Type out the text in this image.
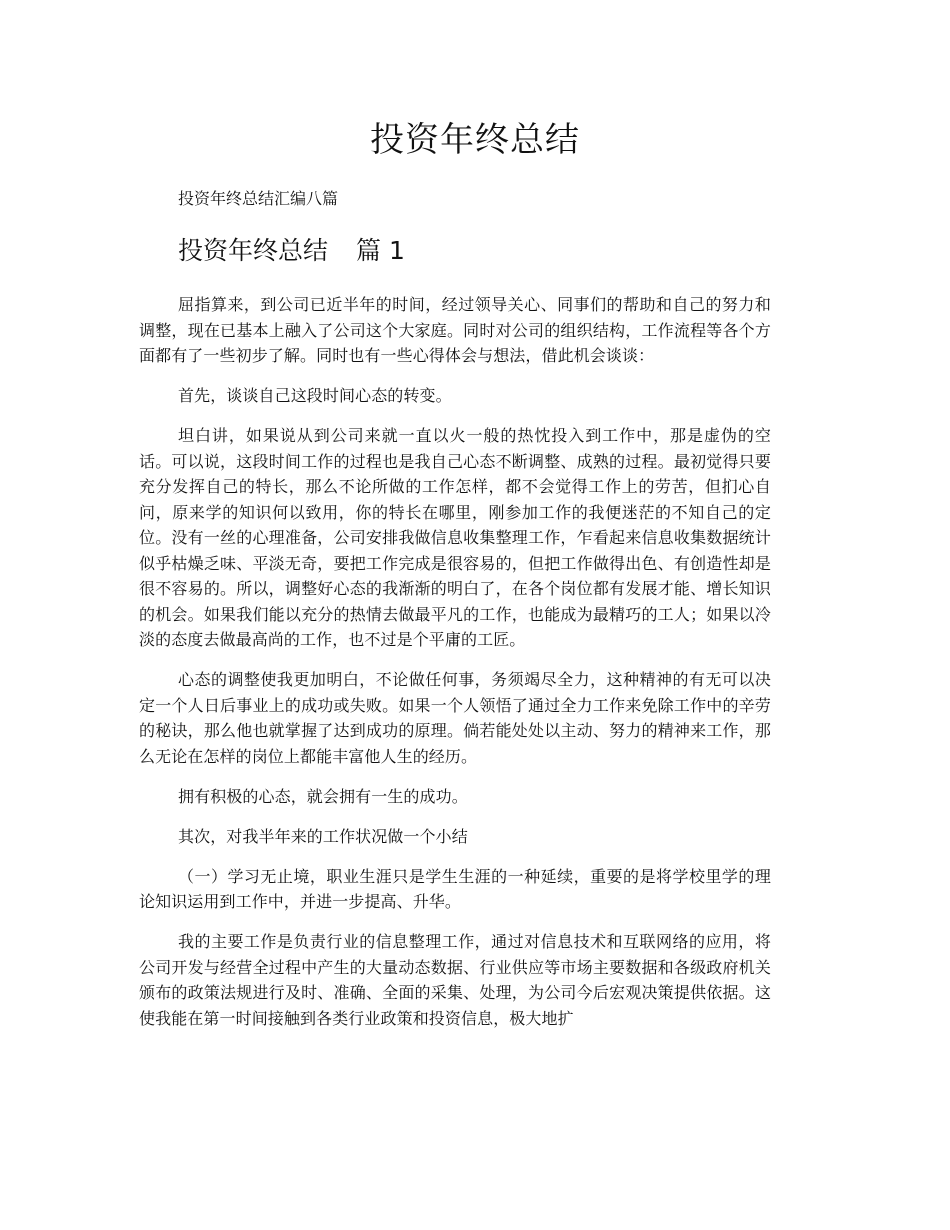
投资年终总结

投资年终总结汇编八篇

投资年终总结 篇 1

屈指算来，到公司已近半年的时间，经过领导关心、同事们的帮助和自己的努力和调整，现在已基本上融入了公司这个大家庭。同时对公司的组织结构，工作流程等各个方面都有了一些初步了解。同时也有一些心得体会与想法，借此机会谈谈：

首先，谈谈自己这段时间心态的转变。

坦白讲，如果说从到公司来就一直以火一般的热忱投入到工作中，那是虚伪的空话。可以说，这段时间工作的过程也是我自己心态不断调整、成熟的过程。最初觉得只要充分发挥自己的特长，那么不论所做的工作怎样，都不会觉得工作上的劳苦，但扪心自问，原来学的知识何以致用，你的特长在哪里，刚参加工作的我便迷茫的不知自己的定位。没有一丝的心理准备，公司安排我做信息收集整理工作，乍看起来信息收集数据统计似乎枯燥乏味、平淡无奇，要把工作完成是很容易的，但把工作做得出色、有创造性却是很不容易的。所以，调整好心态的我渐渐的明白了，在各个岗位都有发展才能、增长知识的机会。如果我们能以充分的热情去做最平凡的工作，也能成为最精巧的工人；如果以冷淡的态度去做最高尚的工作，也不过是个平庸的工匠。

心态的调整使我更加明白，不论做任何事，务须竭尽全力，这种精神的有无可以决定一个人日后事业上的成功或失败。如果一个人领悟了通过全力工作来免除工作中的辛劳的秘诀，那么他也就掌握了达到成功的原理。倘若能处处以主动、努力的精神来工作，那么无论在怎样的岗位上都能丰富他人生的经历。

拥有积极的心态，就会拥有一生的成功。

其次，对我半年来的工作状况做一个小结

（一）学习无止境，职业生涯只是学生生涯的一种延续，重要的是将学校里学的理论知识运用到工作中，并进一步提高、升华。

我的主要工作是负责行业的信息整理工作，通过对信息技术和互联网络的应用，将公司开发与经营全过程中产生的大量动态数据、行业供应等市场主要数据和各级政府机关颁布的政策法规进行及时、准确、全面的采集、处理，为公司今后宏观决策提供依据。这使我能在第一时间接触到各类行业政策和投资信息，极大地扩
